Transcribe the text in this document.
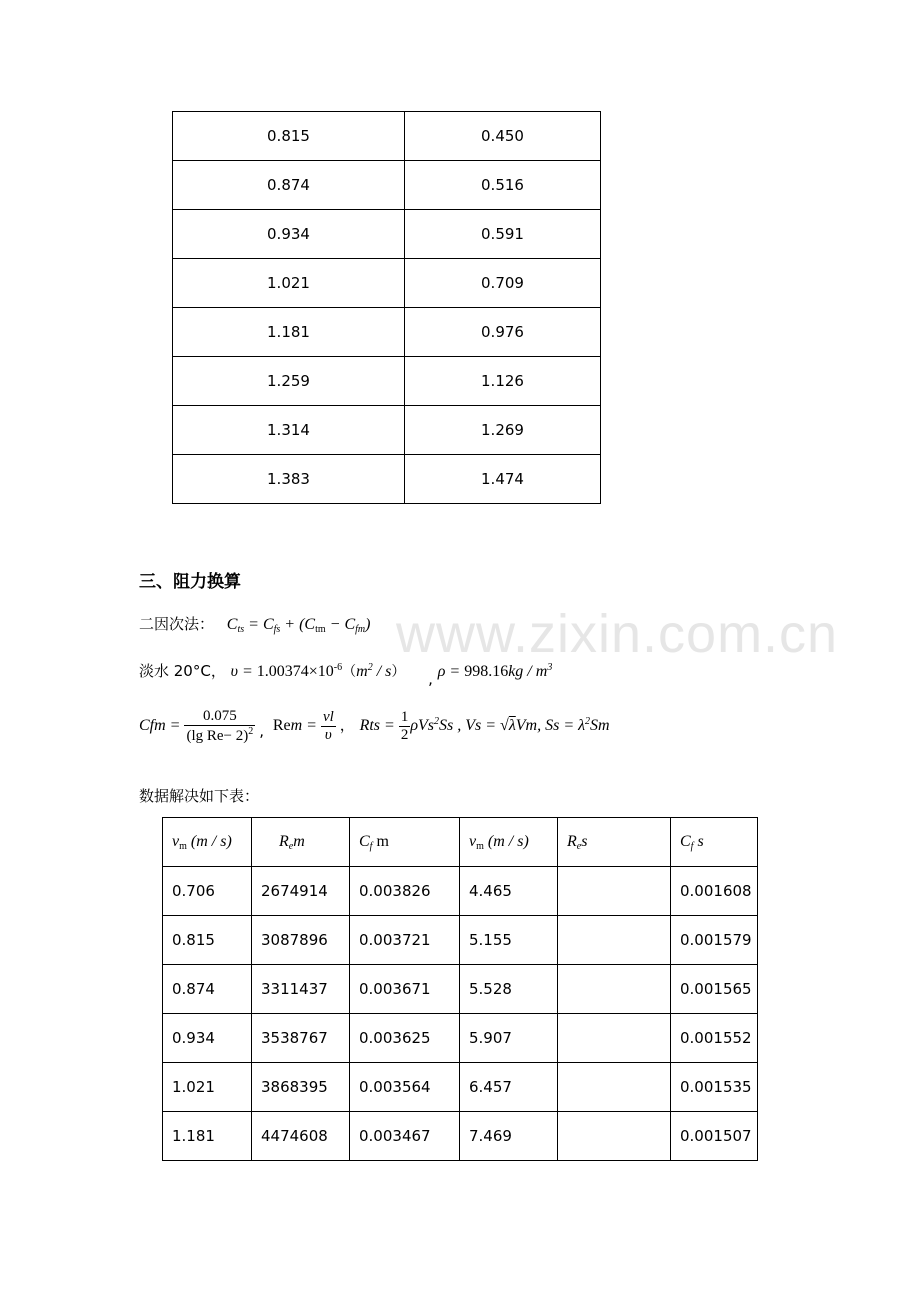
0.815	0.450
0.874	0.516
0.934	0.591
1.021	0.709
1.181	0.976
1.259	1.126
1.314	1.269
1.383	1.474
www.zixin.com.cn
三、阻力换算
二因次法：   $C_{ts} = C_{fs} + (C_{tm} - C_{fm})$
淡水 20°C， $\upsilon = 1.00374\times 10^{-6}(m^2 / s)$ , $\rho = 998.16kg / m^3$
Cfm = $\frac{0.075}{(\lg Re- 2)^2}$ , Rem = $\frac{vl}{\upsilon}$ ， Rts = $\frac{1}{2} \rho Vs^2Ss$ , Vs = √λVm, $Ss = \lambda^2Sm$
数据解决如下表：
$v_m$ (m / s)	$R_em$	$C_f$ m	$v_m$ (m / s)	$R_es$	$C_f$ s
0.706	2674914	0.003826	4.465		0.001608
0.815	3087896	0.003721	5.155		0.001579
0.874	3311437	0.003671	5.528		0.001565
0.934	3538767	0.003625	5.907		0.001552
1.021	3868395	0.003564	6.457		0.001535
1.181	4474608	0.003467	7.469		0.001507
